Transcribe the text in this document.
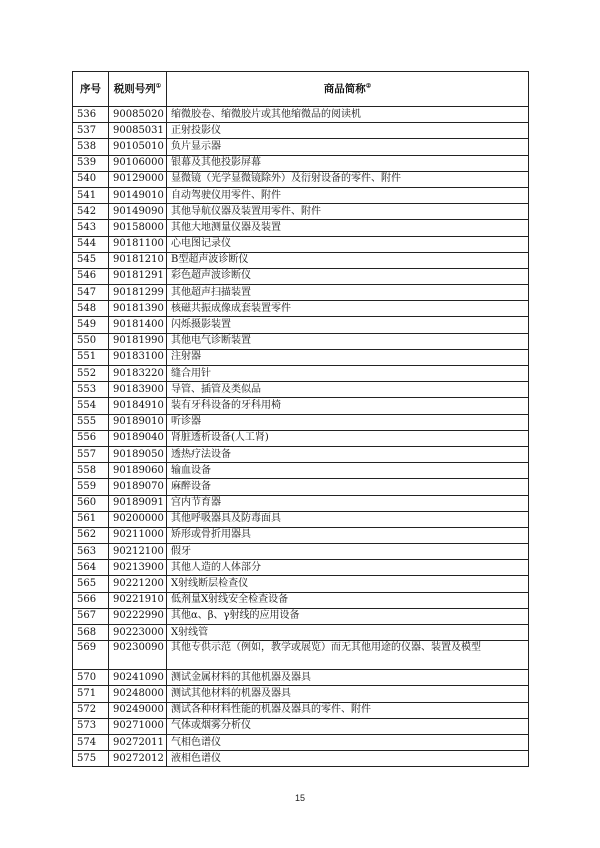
序号	税则号列①	商品简称②
536	90085020	缩微胶卷、缩微胶片或其他缩微品的阅读机
537	90085031	正射投影仪
538	90105010	负片显示器
539	90106000	银幕及其他投影屏幕
540	90129000	显微镜（光学显微镜除外）及衍射设备的零件、附件
541	90149010	自动驾驶仪用零件、附件
542	90149090	其他导航仪器及装置用零件、附件
543	90158000	其他大地测量仪器及装置
544	90181100	心电图记录仪
545	90181210	B型超声波诊断仪
546	90181291	彩色超声波诊断仪
547	90181299	其他超声扫描装置
548	90181390	核磁共振成像成套装置零件
549	90181400	闪烁摄影装置
550	90181990	其他电气诊断装置
551	90183100	注射器
552	90183220	缝合用针
553	90183900	导管、插管及类似品
554	90184910	装有牙科设备的牙科用椅
555	90189010	听诊器
556	90189040	肾脏透析设备(人工肾)
557	90189050	透热疗法设备
558	90189060	输血设备
559	90189070	麻醉设备
560	90189091	宫内节育器
561	90200000	其他呼吸器具及防毒面具
562	90211000	矫形或骨折用器具
563	90212100	假牙
564	90213900	其他人造的人体部分
565	90221200	X射线断层检查仪
566	90221910	低剂量X射线安全检查设备
567	90222990	其他α、β、γ射线的应用设备
568	90223000	X射线管
569	90230090	其他专供示范（例如，教学或展览）而无其他用途的仪器、装置及模型
570	90241090	测试金属材料的其他机器及器具
571	90248000	测试其他材料的机器及器具
572	90249000	测试各种材料性能的机器及器具的零件、附件
573	90271000	气体或烟雾分析仪
574	90272011	气相色谱仪
575	90272012	液相色谱仪
15
